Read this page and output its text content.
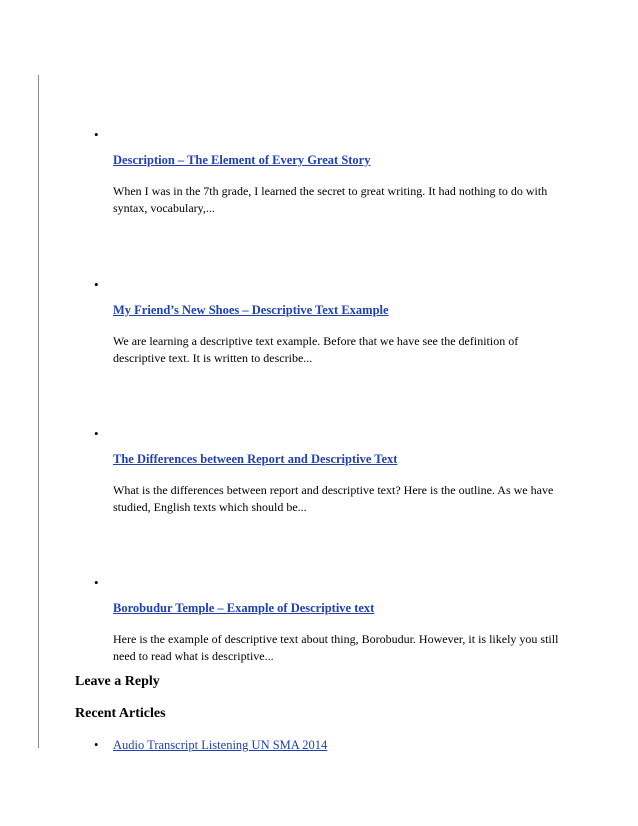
•
Description – The Element of Every Great Story

When I was in the 7th grade, I learned the secret to great writing. It had nothing to do with syntax, vocabulary,...

•
My Friend’s New Shoes – Descriptive Text Example

We are learning a descriptive text example. Before that we have see the definition of descriptive text. It is written to describe...

•
The Differences between Report and Descriptive Text

What is the differences between report and descriptive text? Here is the outline. As we have studied, English texts which should be...

•
Borobudur Temple – Example of Descriptive text

Here is the example of descriptive text about thing, Borobudur. However, it is likely you still need to read what is descriptive...

Leave a Reply
Recent Articles
• Audio Transcript Listening UN SMA 2014
